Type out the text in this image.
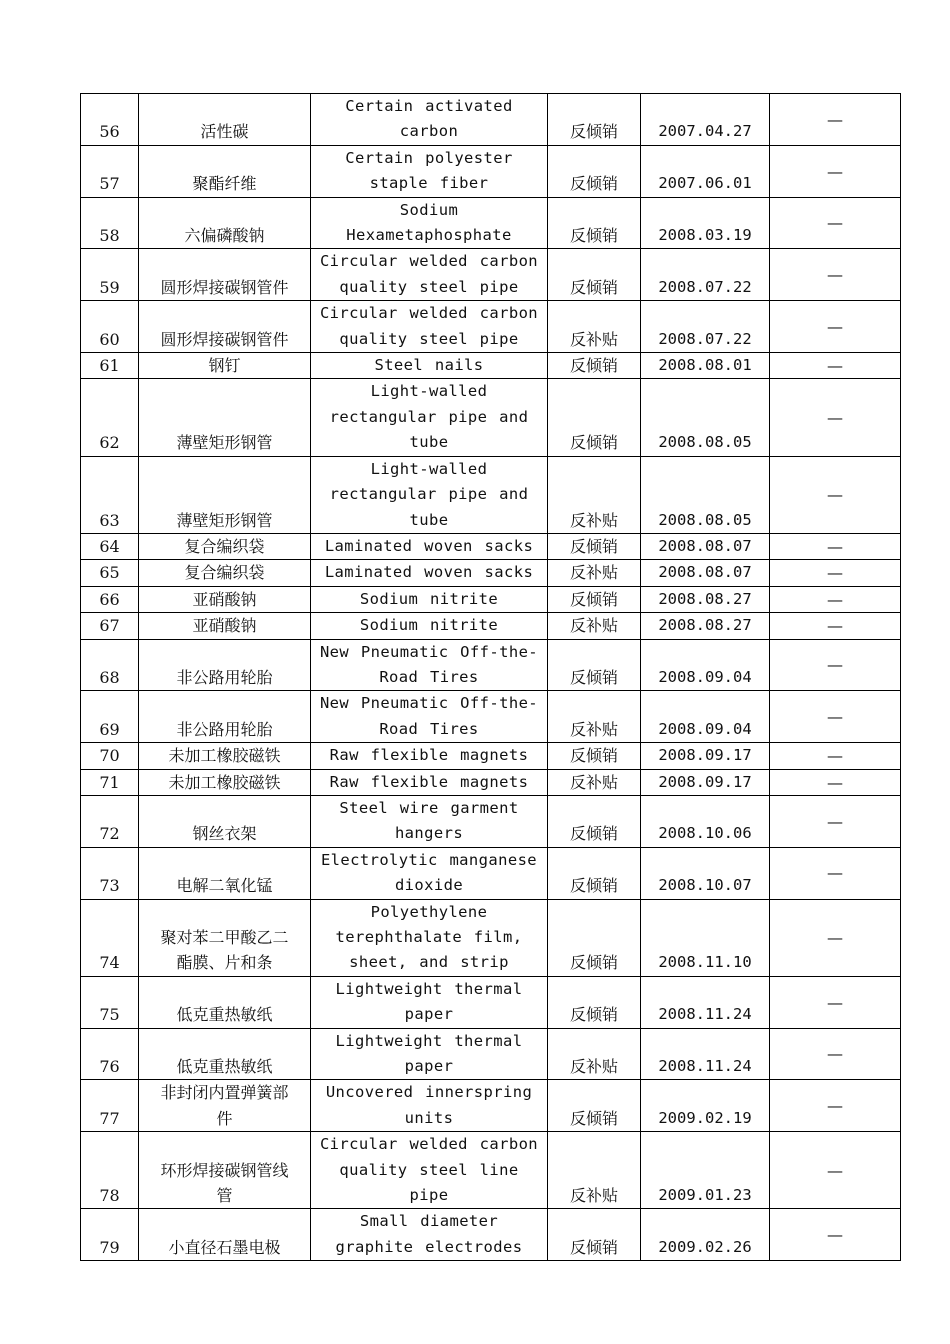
56	活性碳	Certain activated
carbon	反倾销	2007.04.27	—
57	聚酯纤维	Certain polyester
staple fiber	反倾销	2007.06.01	—
58	六偏磷酸钠	Sodium
Hexametaphosphate	反倾销	2008.03.19	—
59	圆形焊接碳钢管件	Circular welded carbon
quality steel pipe	反倾销	2008.07.22	—
60	圆形焊接碳钢管件	Circular welded carbon
quality steel pipe	反补贴	2008.07.22	—
61	钢钉	Steel nails	反倾销	2008.08.01	—
62	薄壁矩形钢管	Light-walled
rectangular pipe and
tube	反倾销	2008.08.05	—
63	薄壁矩形钢管	Light-walled
rectangular pipe and
tube	反补贴	2008.08.05	—
64	复合编织袋	Laminated woven sacks	反倾销	2008.08.07	—
65	复合编织袋	Laminated woven sacks	反补贴	2008.08.07	—
66	亚硝酸钠	Sodium nitrite	反倾销	2008.08.27	—
67	亚硝酸钠	Sodium nitrite	反补贴	2008.08.27	—
68	非公路用轮胎	New Pneumatic Off-the-
Road Tires	反倾销	2008.09.04	—
69	非公路用轮胎	New Pneumatic Off-the-
Road Tires	反补贴	2008.09.04	—
70	未加工橡胶磁铁	Raw flexible magnets	反倾销	2008.09.17	—
71	未加工橡胶磁铁	Raw flexible magnets	反补贴	2008.09.17	—
72	钢丝衣架	Steel wire garment
hangers	反倾销	2008.10.06	—
73	电解二氧化锰	Electrolytic manganese
dioxide	反倾销	2008.10.07	—
74	聚对苯二甲酸乙二
酯膜、片和条	Polyethylene
terephthalate film,
sheet, and strip	反倾销	2008.11.10	—
75	低克重热敏纸	Lightweight thermal
paper	反倾销	2008.11.24	—
76	低克重热敏纸	Lightweight thermal
paper	反补贴	2008.11.24	—
77	非封闭内置弹簧部
件	Uncovered innerspring
units	反倾销	2009.02.19	—
78	环形焊接碳钢管线
管	Circular welded carbon
quality steel line
pipe	反补贴	2009.01.23	—
79	小直径石墨电极	Small diameter
graphite electrodes	反倾销	2009.02.26	—
